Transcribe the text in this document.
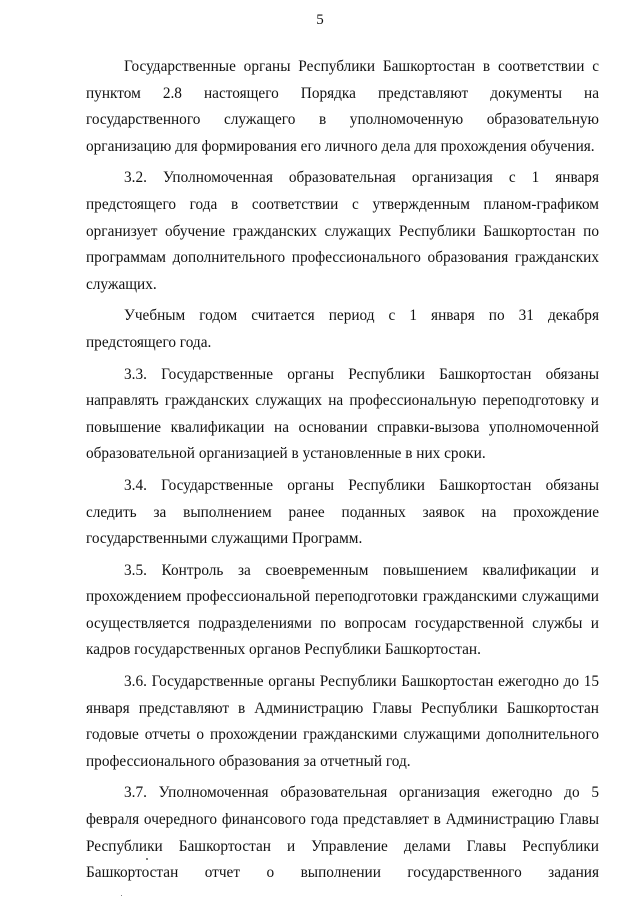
5

Государственные органы Республики Башкортостан в соответствии с пунктом 2.8 настоящего Порядка представляют документы на государственного служащего в уполномоченную образовательную организацию для формирования его личного дела для прохождения обучения.

3.2. Уполномоченная образовательная организация с 1 января предстоящего года в соответствии с утвержденным планом-графиком организует обучение гражданских служащих Республики Башкортостан по программам дополнительного профессионального образования гражданских служащих.

Учебным годом считается период с 1 января по 31 декабря предстоящего года.

3.3. Государственные органы Республики Башкортостан обязаны направлять гражданских служащих на профессиональную переподготовку и повышение квалификации на основании справки-вызова уполномоченной образовательной организацией в установленные в них сроки.

3.4. Государственные органы Республики Башкортостан обязаны следить за выполнением ранее поданных заявок на прохождение государственными служащими Программ.

3.5. Контроль за своевременным повышением квалификации и прохождением профессиональной переподготовки гражданскими служащими осуществляется подразделениями по вопросам государственной службы и кадров государственных органов Республики Башкортостан.

3.6. Государственные органы Республики Башкортостан ежегодно до 15 января представляют в Администрацию Главы Республики Башкортостан годовые отчеты о прохождении гражданскими служащими дополнительного профессионального образования за отчетный год.

3.7. Уполномоченная образовательная организация ежегодно до 5 февраля очередного финансового года представляет в Администрацию Главы Республики Башкортостан и Управление делами Главы Республики Башкортостан отчет о выполнении государственного задания
